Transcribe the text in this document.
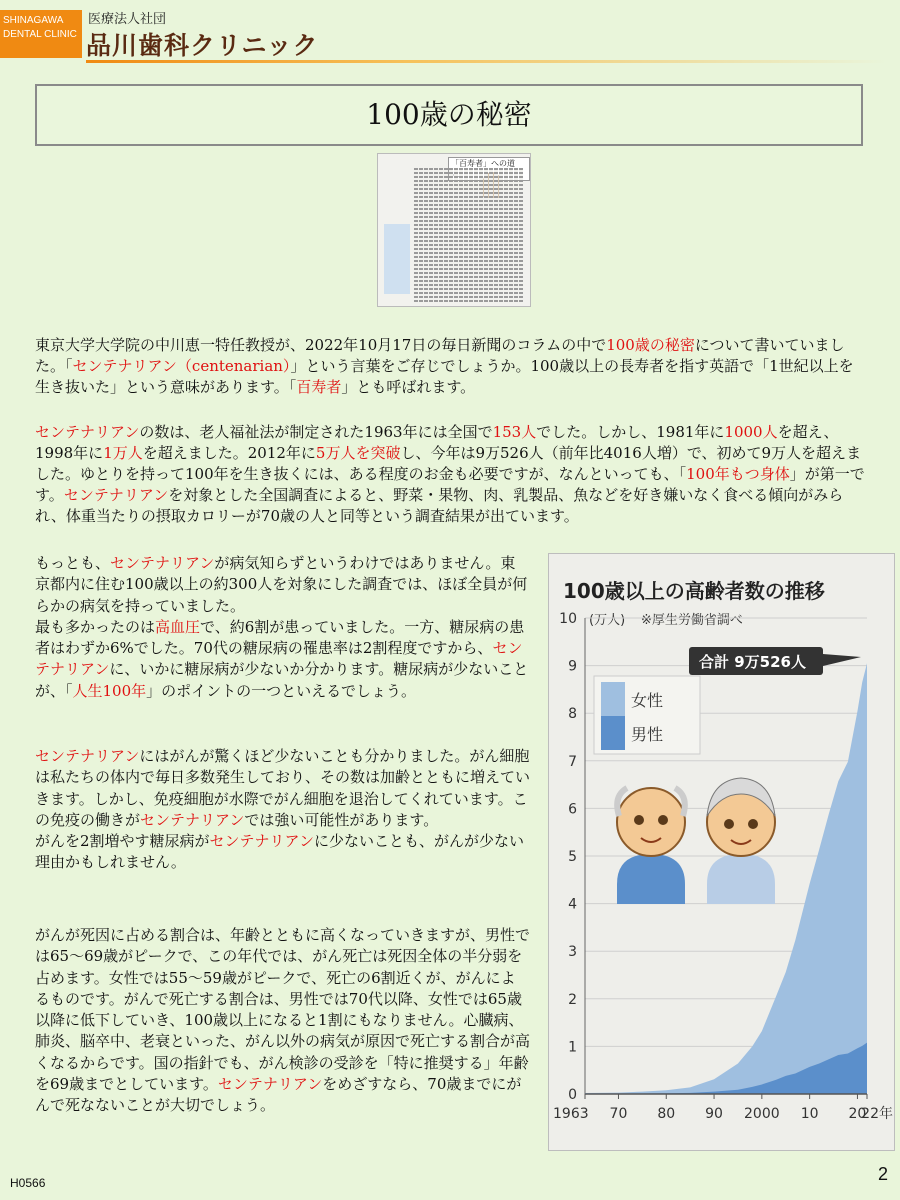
SHINAGAWA
DENTAL CLINIC
医療法人社団
品川歯科クリニック
100歳の秘密
「百寿者」への道

東京大学大学院の中川恵一特任教授が、2022年10月17日の毎日新聞のコラムの中で100歳の秘密について書いていました。「センテナリアン（centenarian）」という言葉をご存じでしょうか。100歳以上の長寿者を指す英語で「1世紀以上を生き抜いた」という意味があります。「百寿者」とも呼ばれます。

センテナリアンの数は、老人福祉法が制定された1963年には全国で153人でした。しかし、1981年に1000人を超え、1998年に1万人を超えました。2012年に5万人を突破し、今年は9万526人（前年比4016人増）で、初めて9万人を超えました。ゆとりを持って100年を生き抜くには、ある程度のお金も必要ですが、なんといっても、「100年もつ身体」が第一です。センテナリアンを対象とした全国調査によると、野菜・果物、肉、乳製品、魚などを好き嫌いなく食べる傾向がみられ、体重当たりの摂取カロリーが70歳の人と同等という調査結果が出ています。

もっとも、センテナリアンが病気知らずというわけではありません。東京都内に住む100歳以上の約300人を対象にした調査では、ほぼ全員が何らかの病気を持っていました。
最も多かったのは高血圧で、約6割が患っていました。一方、糖尿病の患者はわずか6%でした。70代の糖尿病の罹患率は2割程度ですから、センテナリアンに、いかに糖尿病が少ないか分かります。糖尿病が少ないことが、「人生100年」のポイントの一つといえるでしょう。

センテナリアンにはがんが驚くほど少ないことも分かりました。がん細胞は私たちの体内で毎日多数発生しており、その数は加齢とともに増えていきます。しかし、免疫細胞が水際でがん細胞を退治してくれています。この免疫の働きがセンテナリアンでは強い可能性があります。
がんを2割増やす糖尿病がセンテナリアンに少ないことも、がんが少ない理由かもしれません。

がんが死因に占める割合は、年齢とともに高くなっていきますが、男性では65～69歳がピークで、この年代では、がん死亡は死因全体の半分弱を占めます。女性では55～59歳がピークで、死亡の6割近くが、がんによるものです。がんで死亡する割合は、男性では70代以降、女性では65歳以降に低下していき、100歳以上になると1割にもなりません。心臓病、肺炎、脳卒中、老衰といった、がん以外の病気が原因で死亡する割合が高くなるからです。国の指針でも、がん検診の受診を「特に推奨する」年齢を69歳までとしています。センテナリアンをめざすなら、70歳までにがんで死なないことが大切でしょう。

100歳以上の高齢者数の推移
(万人) ※厚生労働省調べ
0
1
2
3
4
5
6
7
8
9
10
1963 70 80 90 2000 10 20
22年
合計 9万526人
女性
男性
H0566	2
